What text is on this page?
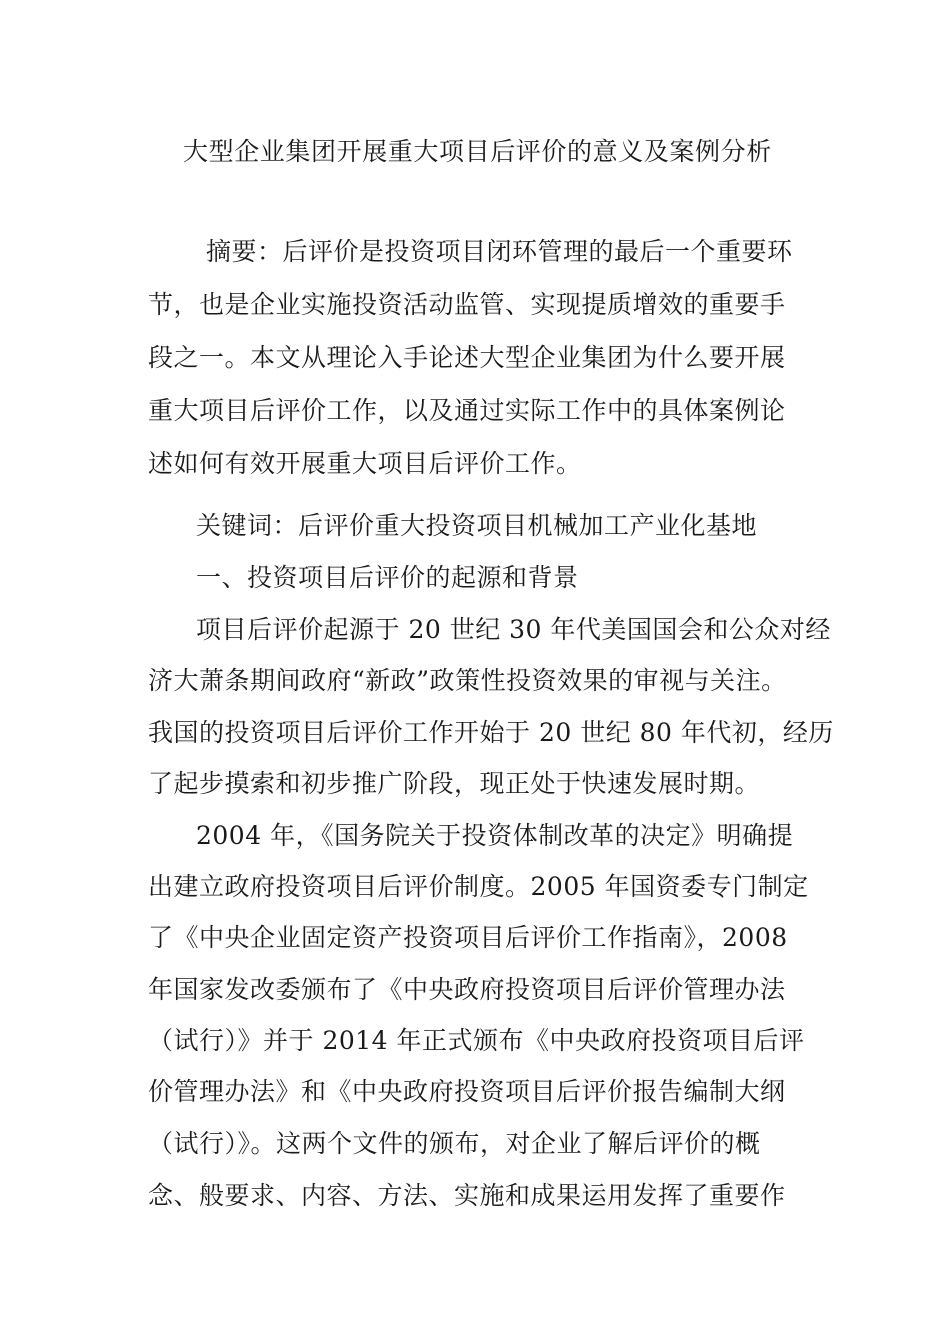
大型企业集团开展重大项目后评价的意义及案例分析
摘要：后评价是投资项目闭环管理的最后一个重要环
节，也是企业实施投资活动监管、实现提质增效的重要手
段之一。本文从理论入手论述大型企业集团为什么要开展
重大项目后评价工作，以及通过实际工作中的具体案例论
述如何有效开展重大项目后评价工作。
关键词：后评价重大投资项目机械加工产业化基地
一、投资项目后评价的起源和背景
项目后评价起源于 20 世纪 30 年代美国国会和公众对经
济大萧条期间政府“新政”政策性投资效果的审视与关注。
我国的投资项目后评价工作开始于 20 世纪 80 年代初，经历
了起步摸索和初步推广阶段，现正处于快速发展时期。
2004 年，《国务院关于投资体制改革的决定》明确提
出建立政府投资项目后评价制度。2005 年国资委专门制定
了《中央企业固定资产投资项目后评价工作指南》，2008
年国家发改委颁布了《中央政府投资项目后评价管理办法
（试行）》并于 2014 年正式颁布《中央政府投资项目后评
价管理办法》和《中央政府投资项目后评价报告编制大纲
（试行）》。这两个文件的颁布，对企业了解后评价的概
念、般要求、内容、方法、实施和成果运用发挥了重要作
